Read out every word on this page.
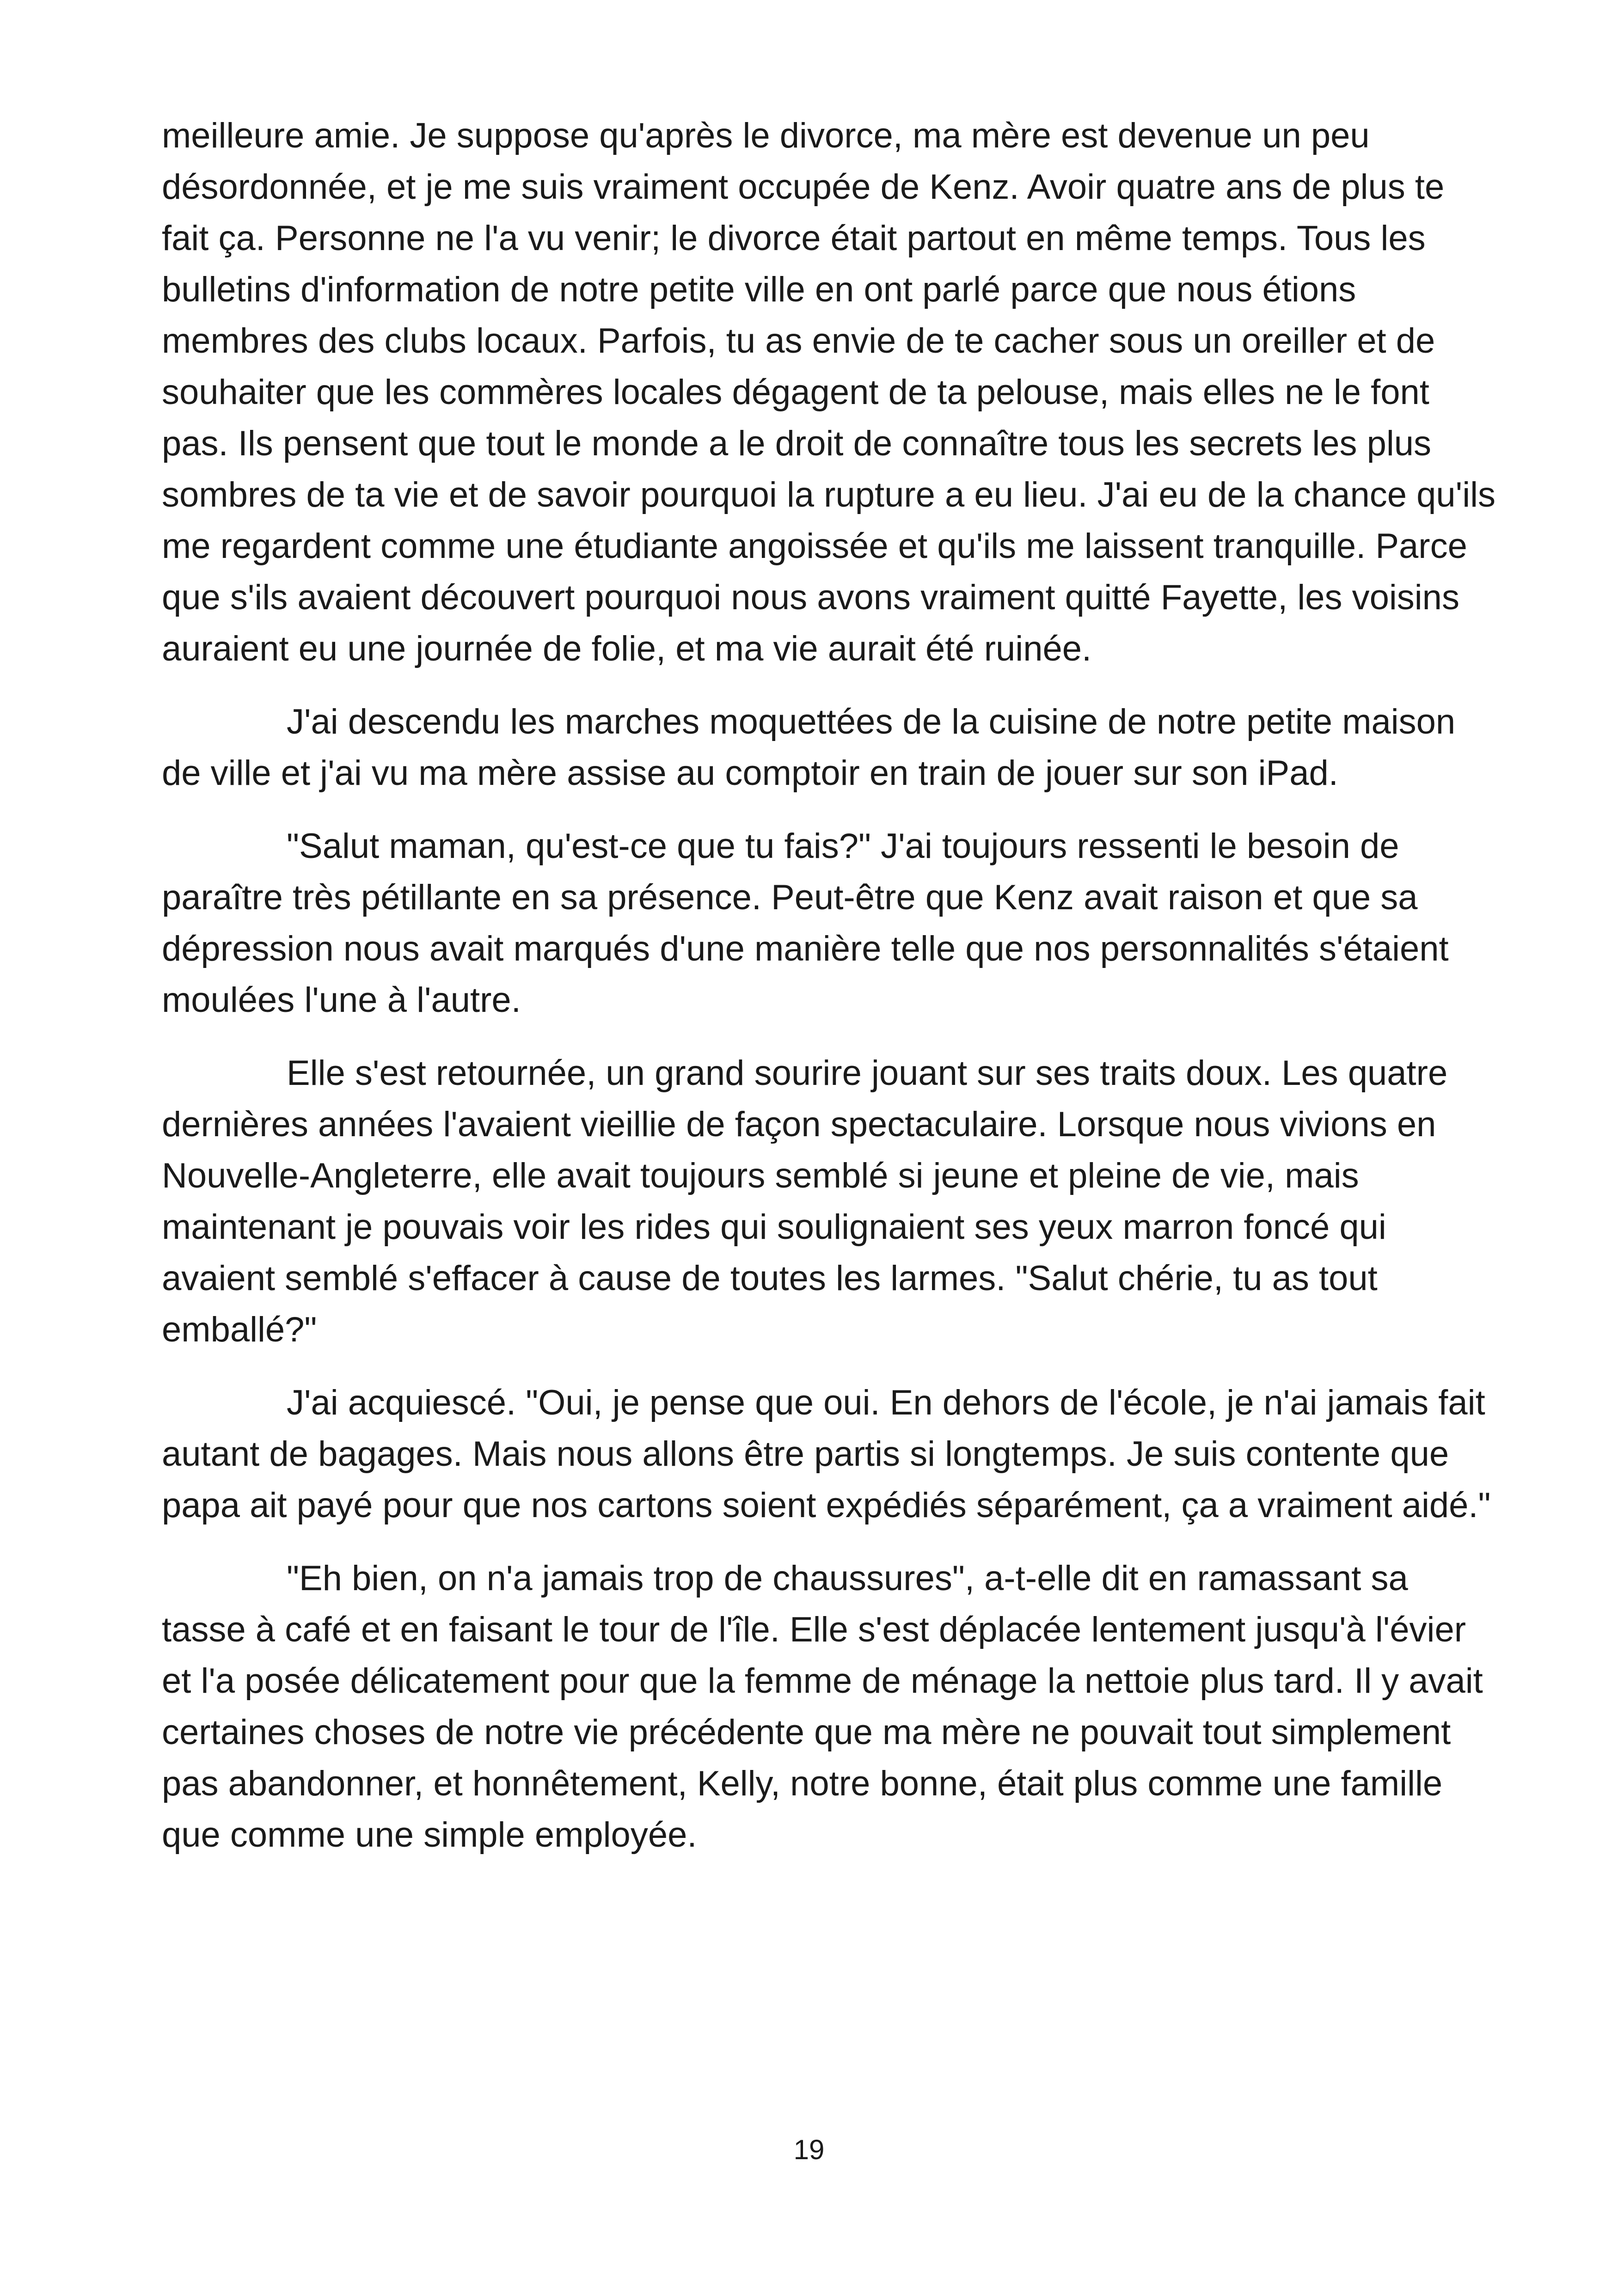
meilleure amie. Je suppose qu'après le divorce, ma mère est devenue un peu désordonnée, et je me suis vraiment occupée de Kenz. Avoir quatre ans de plus te fait ça. Personne ne l'a vu venir; le divorce était partout en même temps. Tous les bulletins d'information de notre petite ville en ont parlé parce que nous étions membres des clubs locaux. Parfois, tu as envie de te cacher sous un oreiller et de souhaiter que les commères locales dégagent de ta pelouse, mais elles ne le font pas. Ils pensent que tout le monde a le droit de connaître tous les secrets les plus sombres de ta vie et de savoir pourquoi la rupture a eu lieu. J'ai eu de la chance qu'ils me regardent comme une étudiante angoissée et qu'ils me laissent tranquille. Parce que s'ils avaient découvert pourquoi nous avons vraiment quitté Fayette, les voisins auraient eu une journée de folie, et ma vie aurait été ruinée.

J'ai descendu les marches moquettées de la cuisine de notre petite maison de ville et j'ai vu ma mère assise au comptoir en train de jouer sur son iPad.

"Salut maman, qu'est-ce que tu fais?" J'ai toujours ressenti le besoin de paraître très pétillante en sa présence. Peut-être que Kenz avait raison et que sa dépression nous avait marqués d'une manière telle que nos personnalités s'étaient moulées l'une à l'autre.

Elle s'est retournée, un grand sourire jouant sur ses traits doux. Les quatre dernières années l'avaient vieillie de façon spectaculaire. Lorsque nous vivions en Nouvelle-Angleterre, elle avait toujours semblé si jeune et pleine de vie, mais maintenant je pouvais voir les rides qui soulignaient ses yeux marron foncé qui avaient semblé s'effacer à cause de toutes les larmes. "Salut chérie, tu as tout emballé?"

J'ai acquiescé. "Oui, je pense que oui. En dehors de l'école, je n'ai jamais fait autant de bagages. Mais nous allons être partis si longtemps. Je suis contente que papa ait payé pour que nos cartons soient expédiés séparément, ça a vraiment aidé."

"Eh bien, on n'a jamais trop de chaussures", a-t-elle dit en ramassant sa tasse à café et en faisant le tour de l'île. Elle s'est déplacée lentement jusqu'à l'évier et l'a posée délicatement pour que la femme de ménage la nettoie plus tard. Il y avait certaines choses de notre vie précédente que ma mère ne pouvait tout simplement pas abandonner, et honnêtement, Kelly, notre bonne, était plus comme une famille que comme une simple employée.

19
